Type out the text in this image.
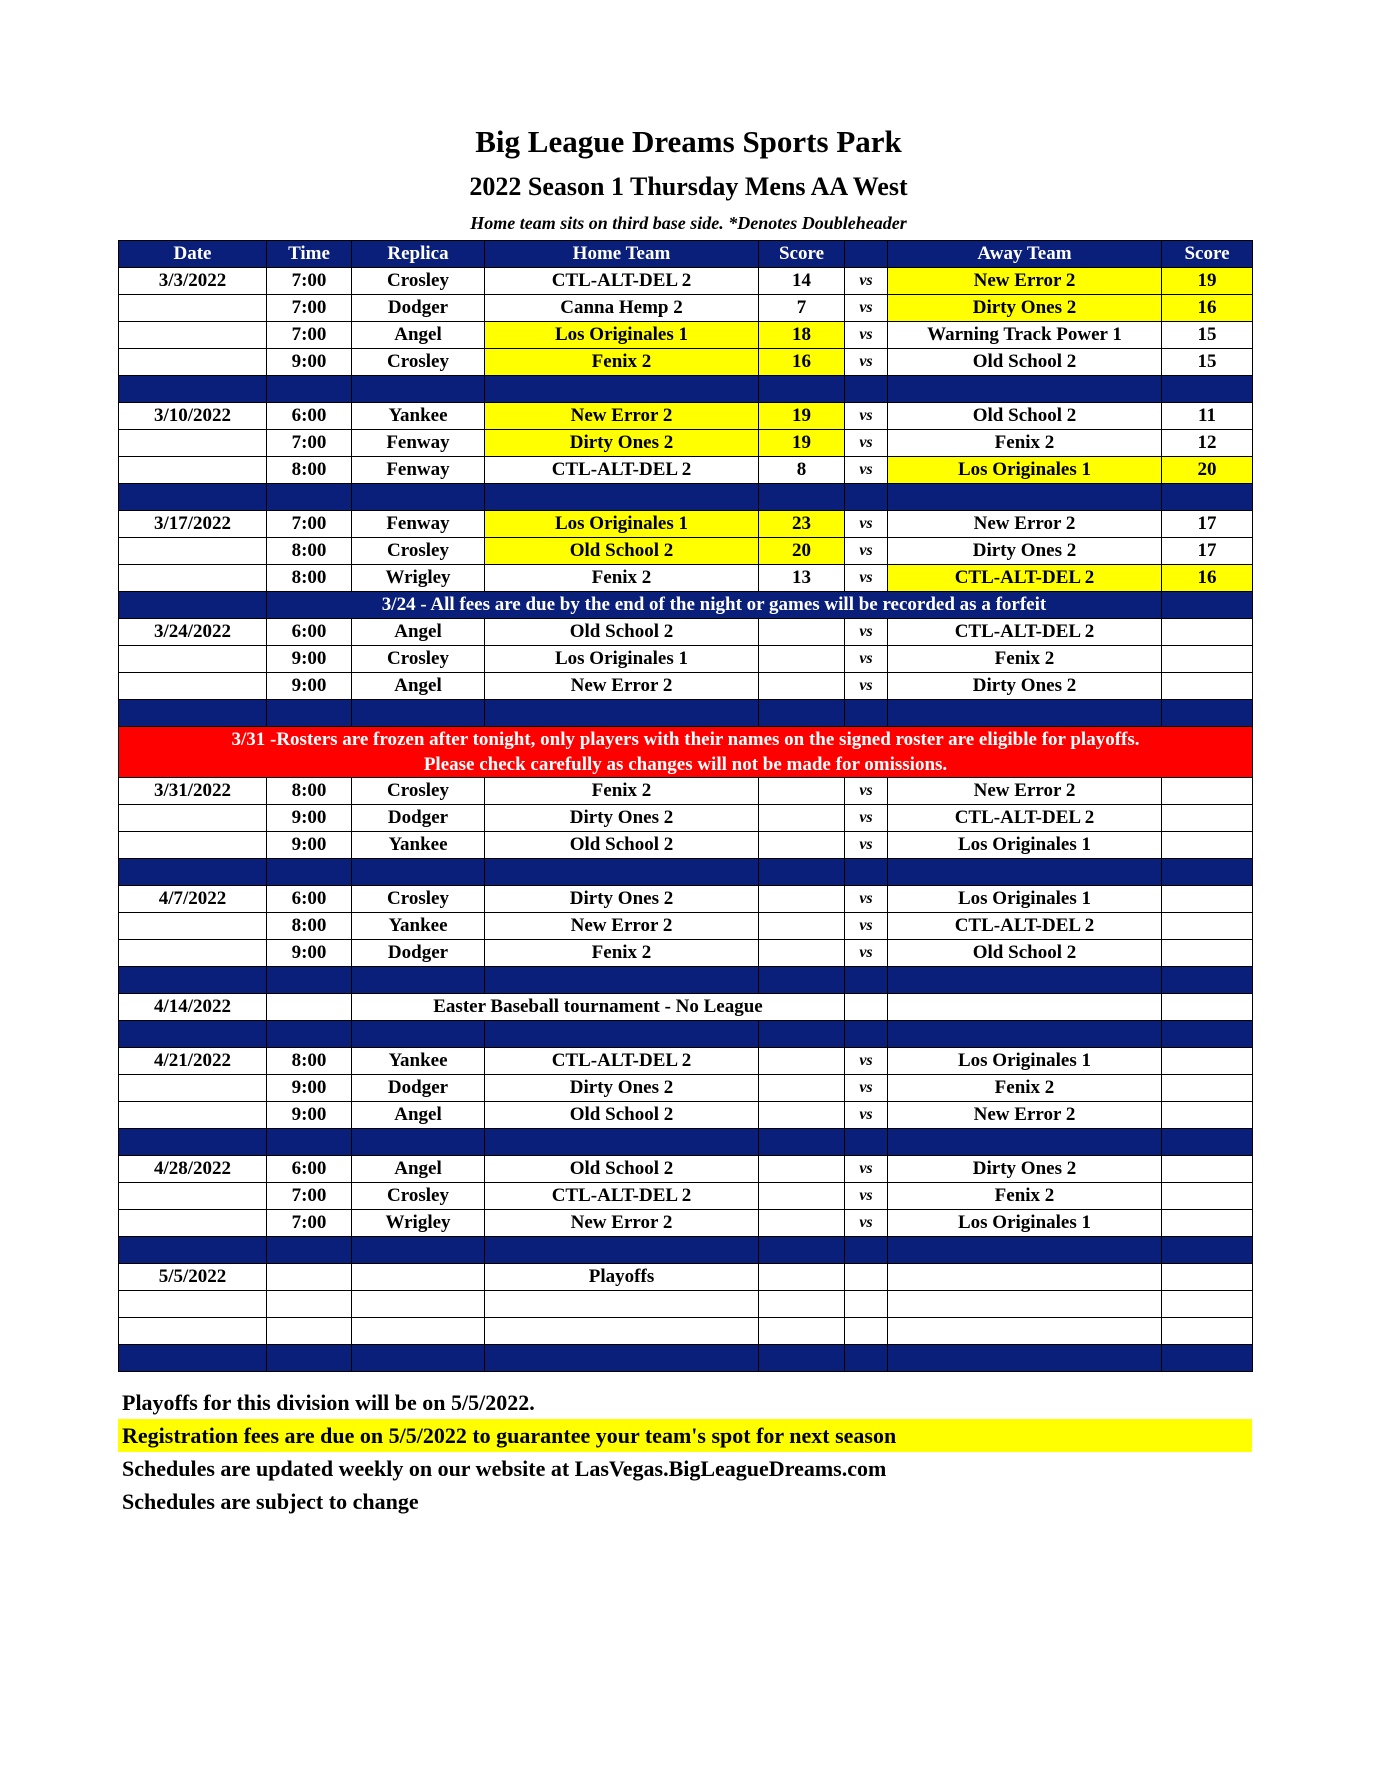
Big League Dreams Sports Park
2022 Season 1 Thursday Mens AA West
Home team sits on third base side. *Denotes Doubleheader
Date	Time	Replica	Home Team	Score		Away Team	Score
3/3/2022	7:00	Crosley	CTL-ALT-DEL 2	14	vs	New Error 2	19
	7:00	Dodger	Canna Hemp 2	7	vs	Dirty Ones 2	16
	7:00	Angel	Los Originales 1	18	vs	Warning Track Power 1	15
	9:00	Crosley	Fenix 2	16	vs	Old School 2	15

3/10/2022	6:00	Yankee	New Error 2	19	vs	Old School 2	11
	7:00	Fenway	Dirty Ones 2	19	vs	Fenix 2	12
	8:00	Fenway	CTL-ALT-DEL 2	8	vs	Los Originales 1	20

3/17/2022	7:00	Fenway	Los Originales 1	23	vs	New Error 2	17
	8:00	Crosley	Old School 2	20	vs	Dirty Ones 2	17
	8:00	Wrigley	Fenix 2	13	vs	CTL-ALT-DEL 2	16
	3/24 - All fees are due by the end of the night or games will be recorded as a forfeit						
3/24/2022	6:00	Angel	Old School 2		vs	CTL-ALT-DEL 2	
	9:00	Crosley	Los Originales 1		vs	Fenix 2	
	9:00	Angel	New Error 2		vs	Dirty Ones 2	

3/31 -Rosters are frozen after tonight, only players with their names on the signed roster are eligible for playoffs.
Please check carefully as changes will not be made for omissions.							

3/31/2022	8:00	Crosley	Fenix 2		vs	New Error 2	
	9:00	Dodger	Dirty Ones 2		vs	CTL-ALT-DEL 2	
	9:00	Yankee	Old School 2		vs	Los Originales 1	

4/7/2022	6:00	Crosley	Dirty Ones 2		vs	Los Originales 1	
	8:00	Yankee	New Error 2		vs	CTL-ALT-DEL 2	
	9:00	Dodger	Fenix 2		vs	Old School 2	

4/14/2022		Easter Baseball tournament - No League					

4/21/2022	8:00	Yankee	CTL-ALT-DEL 2		vs	Los Originales 1	
	9:00	Dodger	Dirty Ones 2		vs	Fenix 2	
	9:00	Angel	Old School 2		vs	New Error 2	

4/28/2022	6:00	Angel	Old School 2		vs	Dirty Ones 2	
	7:00	Crosley	CTL-ALT-DEL 2		vs	Fenix 2	
	7:00	Wrigley	New Error 2		vs	Los Originales 1	

5/5/2022			Playoffs				

Playoffs for this division will be on 5/5/2022.
Registration fees are due on 5/5/2022 to guarantee your team's spot for next season
Schedules are updated weekly on our website at LasVegas.BigLeagueDreams.com
Schedules are subject to change
